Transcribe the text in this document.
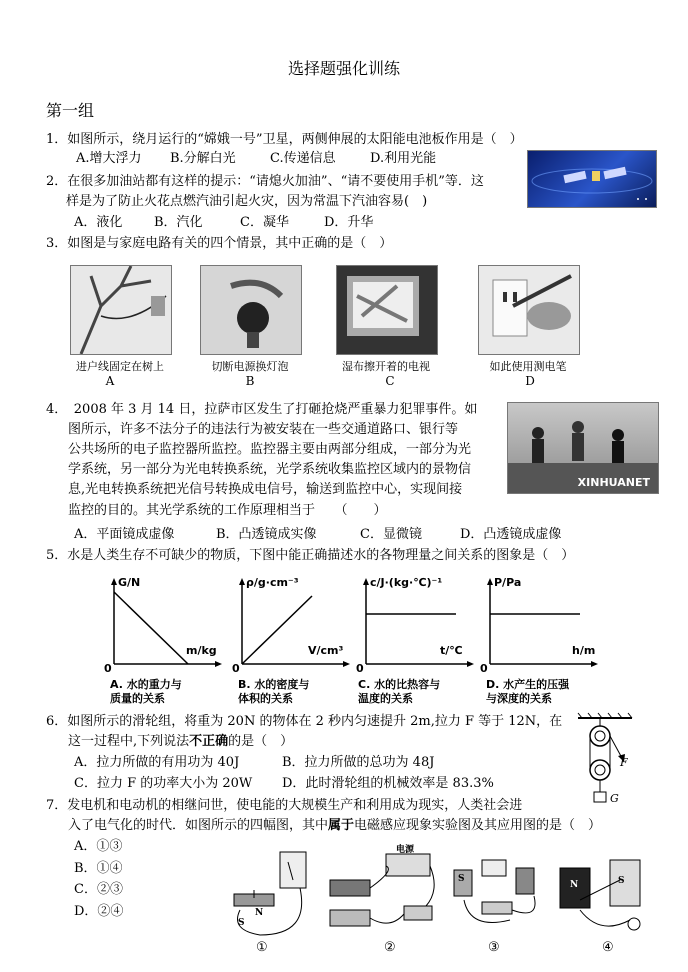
选择题强化训练
第一组
1．如图所示，绕月运行的“嫦娥一号”卫星，两侧伸展的太阳能电池板作用是（　）
A.增大浮力 B.分解白光	C.传递信息	D.利用光能
2．在很多加油站都有这样的提示：“请熄火加油”、“请不要使用手机”等．这
样是为了防止火花点燃汽油引起火灾，因为常温下汽油容易(　)
A．液化 B．汽化	C．凝华	D．升华
3．如图是与家庭电路有关的四个情景，其中正确的是（　）
进户线固定在树上	切断电源换灯泡	湿布擦开着的电视	如此使用测电笔
A	B	C	D
4．　2008 年 3 月 14 日，拉萨市区发生了打砸抢烧严重暴力犯罪事件。如
图所示，许多不法分子的违法行为被安装在一些交通道路口、银行等
公共场所的电子监控器所监控。监控器主要由两部分组成，一部分为光
学系统，另一部分为光电转换系统，光学系统收集监控区域内的景物信
息,光电转换系统把光信号转换成电信号，输送到监控中心，实现间接
监控的目的。其光学系统的工作原理相当于　　（　　）
XINHUANET
A．平面镜成虚像	B．凸透镜成实像	C．显微镜	D．凸透镜成虚像
5．水是人类生存不可缺少的物质，下图中能正确描述水的各物理量之间关系的图象是（　）
G/N
m/kg
0
A. 水的重力与
质量的关系
ρ/g·cm⁻³
V/cm³
0
B. 水的密度与
体积的关系
c/J·(kg·℃)⁻¹
t/℃
0
C. 水的比热容与
温度的关系
P/Pa
h/m
0
D. 水产生的压强
与深度的关系
6．如图所示的滑轮组，将重为 20N 的物体在 2 秒内匀速提升 2m,拉力 F 等于 12N，在
这一过程中,下列说法不正确的是（　）
A．拉力所做的有用功为 40J	B．拉力所做的总功为 48J
C．拉力 F 的功率大小为 20W D．此时滑轮组的机械效率是 83.3%
F
G
7．发电机和电动机的相继问世，使电能的大规模生产和利用成为现实，人类社会进
入了电气化的时代．如图所示的四幅图，其中属于电磁感应现象实验图及其应用图的是（　）
A．①③
B．①④
C．②③
D．②④	N
S
电源
S	S
N
①	②	③	④
